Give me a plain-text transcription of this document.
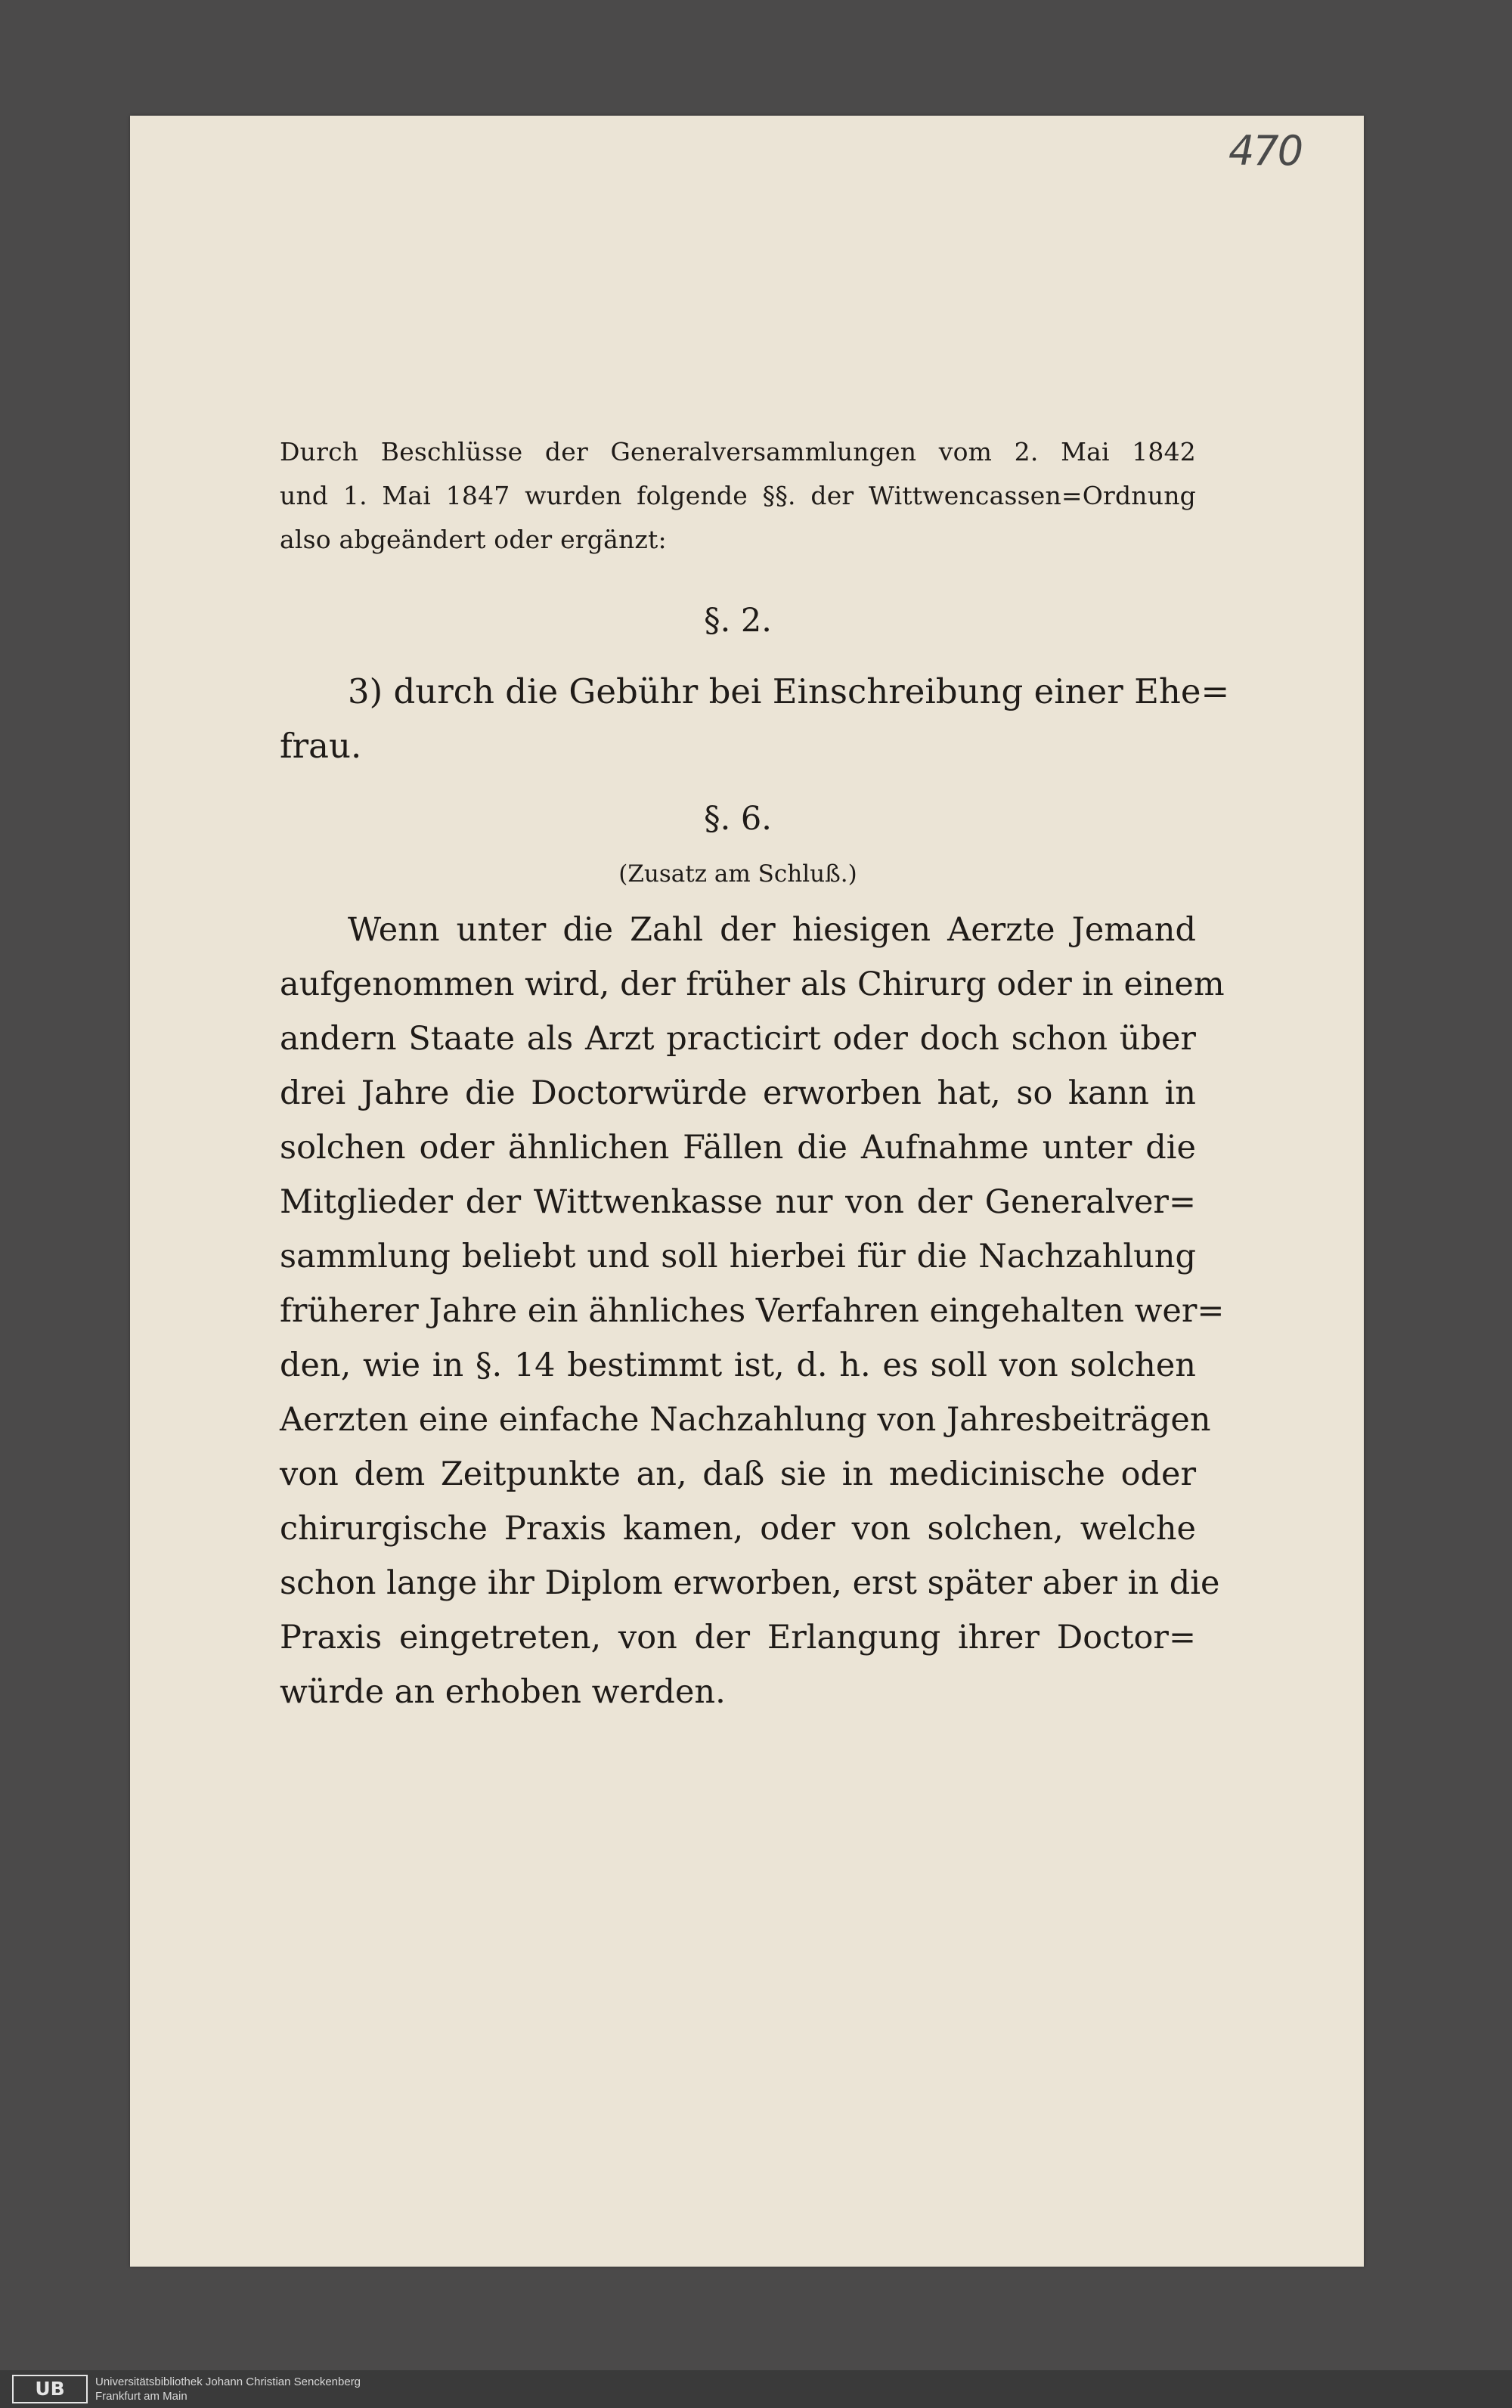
470
Durch Beschlüsse der Generalversammlungen vom 2. Mai 1842
und 1. Mai 1847 wurden folgende §§. der Wittwencassen=Ordnung
also abgeändert oder ergänzt:
§. 2.
3) durch die Gebühr bei Einschreibung einer Ehe=
frau.
§. 6.
(Zusatz am Schluß.)
Wenn unter die Zahl der hiesigen Aerzte Jemand
aufgenommen wird, der früher als Chirurg oder in einem
andern Staate als Arzt practicirt oder doch schon über
drei Jahre die Doctorwürde erworben hat, so kann in
solchen oder ähnlichen Fällen die Aufnahme unter die
Mitglieder der Wittwenkasse nur von der Generalver=
sammlung beliebt und soll hierbei für die Nachzahlung
früherer Jahre ein ähnliches Verfahren eingehalten wer=
den, wie in §. 14 bestimmt ist, d. h. es soll von solchen
Aerzten eine einfache Nachzahlung von Jahresbeiträgen
von dem Zeitpunkte an, daß sie in medicinische oder
chirurgische Praxis kamen, oder von solchen, welche
schon lange ihr Diplom erworben, erst später aber in die
Praxis eingetreten, von der Erlangung ihrer Doctor=
würde an erhoben werden.
UB	Universitätsbibliothek Johann Christian Senckenberg
Frankfurt am Main
